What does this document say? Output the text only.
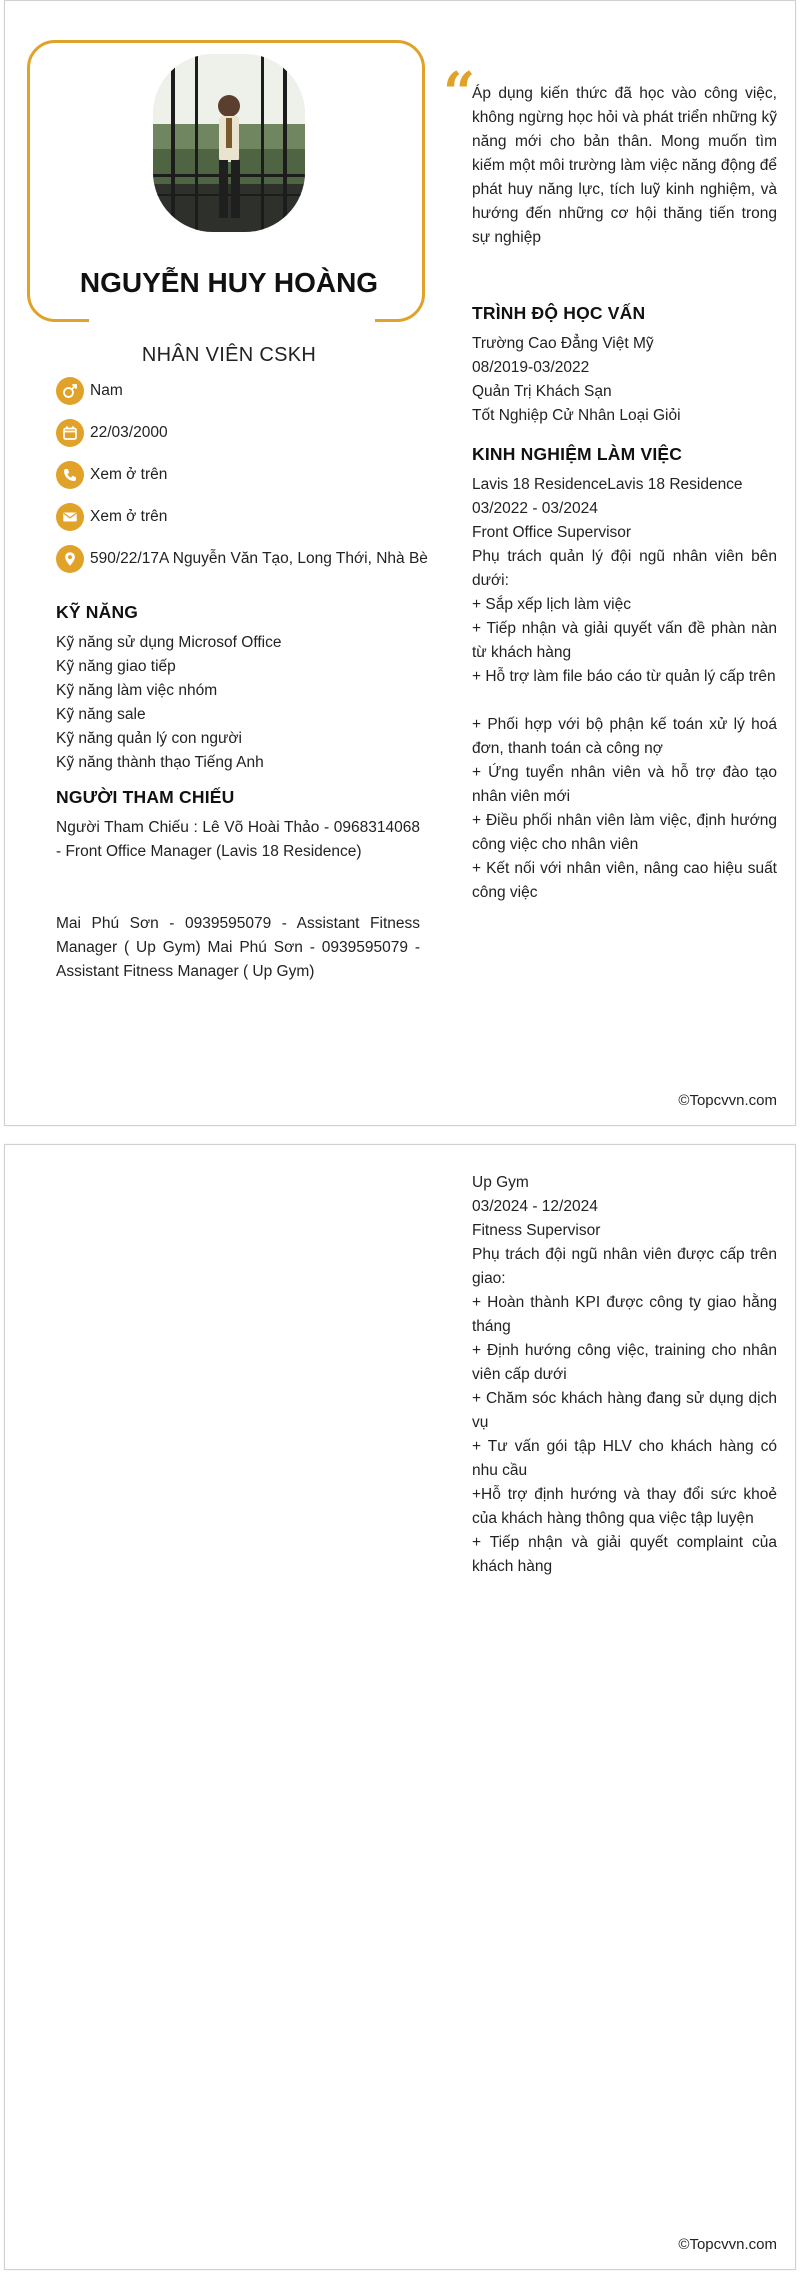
NGUYỄN HUY HOÀNG
NHÂN VIÊN CSKH
Nam
22/03/2000
Xem ở trên
Xem ở trên
590/22/17A Nguyễn Văn Tạo, Long Thới, Nhà Bè
KỸ NĂNG
Kỹ năng sử dụng Microsof Office
Kỹ năng giao tiếp
Kỹ năng làm việc nhóm
Kỹ năng sale
Kỹ năng quản lý con người
Kỹ năng thành thạo Tiếng Anh
NGƯỜI THAM CHIẾU
Người Tham Chiếu : Lê Võ Hoài Thảo - 0968314068 - Front Office Manager (Lavis 18 Residence)
Mai Phú Sơn - 0939595079 - Assistant Fitness Manager ( Up Gym) Mai Phú Sơn - 0939595079 - Assistant Fitness Manager ( Up Gym)
“
Áp dụng kiến thức đã học vào công việc, không ngừng học hỏi và phát triển những kỹ năng mới cho bản thân. Mong muốn tìm kiếm một môi trường làm việc năng động để phát huy năng lực, tích luỹ kinh nghiệm, và hướng đến những cơ hội thăng tiến trong sự nghiệp
TRÌNH ĐỘ HỌC VẤN
Trường Cao Đẳng Việt Mỹ
08/2019-03/2022
Quản Trị Khách Sạn
Tốt Nghiệp Cử Nhân Loại Giỏi
KINH NGHIỆM LÀM VIỆC
Lavis 18 ResidenceLavis 18 Residence
03/2022 - 03/2024
Front Office Supervisor
Phụ trách quản lý đội ngũ nhân viên bên dưới:
+ Sắp xếp lịch làm việc
+ Tiếp nhận và giải quyết vấn đề phàn nàn từ khách hàng
+ Hỗ trợ làm file báo cáo từ quản lý cấp trên
+ Phối hợp với bộ phận kế toán xử lý hoá đơn, thanh toán cà công nợ
+ Ứng tuyển nhân viên và hỗ trợ đào tạo nhân viên mới
+ Điều phối nhân viên làm việc, định hướng công việc cho nhân viên
+ Kết nối với nhân viên, nâng cao hiệu suất công việc
©Topcvvn.com
Up Gym
03/2024 - 12/2024
Fitness Supervisor
Phụ trách đội ngũ nhân viên được cấp trên giao:
+ Hoàn thành KPI được công ty giao hằng tháng
+ Định hướng công việc, training cho nhân viên cấp dưới
+ Chăm sóc khách hàng đang sử dụng dịch vụ
+ Tư vấn gói tập HLV cho khách hàng có nhu cầu
+Hỗ trợ định hướng và thay đổi sức khoẻ của khách hàng thông qua việc tập luyện
+ Tiếp nhận và giải quyết complaint của khách hàng
©Topcvvn.com
